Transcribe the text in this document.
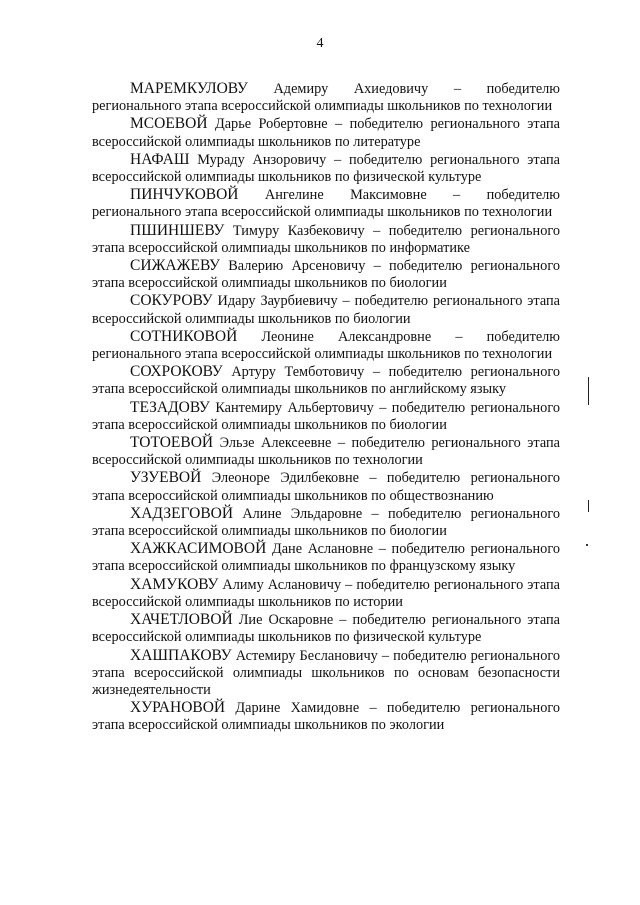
4

МАРЕМКУЛОВУ Адемиру Ахиедовичу – победителю регионального этапа всероссийской олимпиады школьников по технологии

МСОЕВОЙ Дарье Робертовне – победителю регионального этапа всероссийской олимпиады школьников по литературе

НАФАШ Мураду Анзоровичу – победителю регионального этапа всероссийской олимпиады школьников по физической культуре

ПИНЧУКОВОЙ Ангелине Максимовне – победителю регионального этапа всероссийской олимпиады школьников по технологии

ПШИНШЕВУ Тимуру Казбековичу – победителю регионального этапа всероссийской олимпиады школьников по информатике

СИЖАЖЕВУ Валерию Арсеновичу – победителю регионального этапа всероссийской олимпиады школьников по биологии

СОКУРОВУ Идару Заурбиевичу – победителю регионального этапа всероссийской олимпиады школьников по биологии

СОТНИКОВОЙ Леонине Александровне – победителю регионального этапа всероссийской олимпиады школьников по технологии

СОХРОКОВУ Артуру Темботовичу – победителю регионального этапа всероссийской олимпиады школьников по английскому языку

ТЕЗАДОВУ Кантемиру Альбертовичу – победителю регионального этапа всероссийской олимпиады школьников по биологии

ТОТОЕВОЙ Эльзе Алексеевне – победителю регионального этапа всероссийской олимпиады школьников по технологии

УЗУЕВОЙ Элеоноре Эдилбековне – победителю регионального этапа всероссийской олимпиады школьников по обществознанию

ХАДЗЕГОВОЙ Алине Эльдаровне – победителю регионального этапа всероссийской олимпиады школьников по биологии

ХАЖКАСИМОВОЙ Дане Аслановне – победителю регионального этапа всероссийской олимпиады школьников по французскому языку

ХАМУКОВУ Алиму Аслановичу – победителю регионального этапа всероссийской олимпиады школьников по истории

ХАЧЕТЛОВОЙ Лие Оскаровне – победителю регионального этапа всероссийской олимпиады школьников по физической культуре

ХАШПАКОВУ Астемиру Беслановичу – победителю регионального этапа всероссийской олимпиады школьников по основам безопасности жизнедеятельности

ХУРАНОВОЙ Дарине Хамидовне – победителю регионального этапа всероссийской олимпиады школьников по экологии
